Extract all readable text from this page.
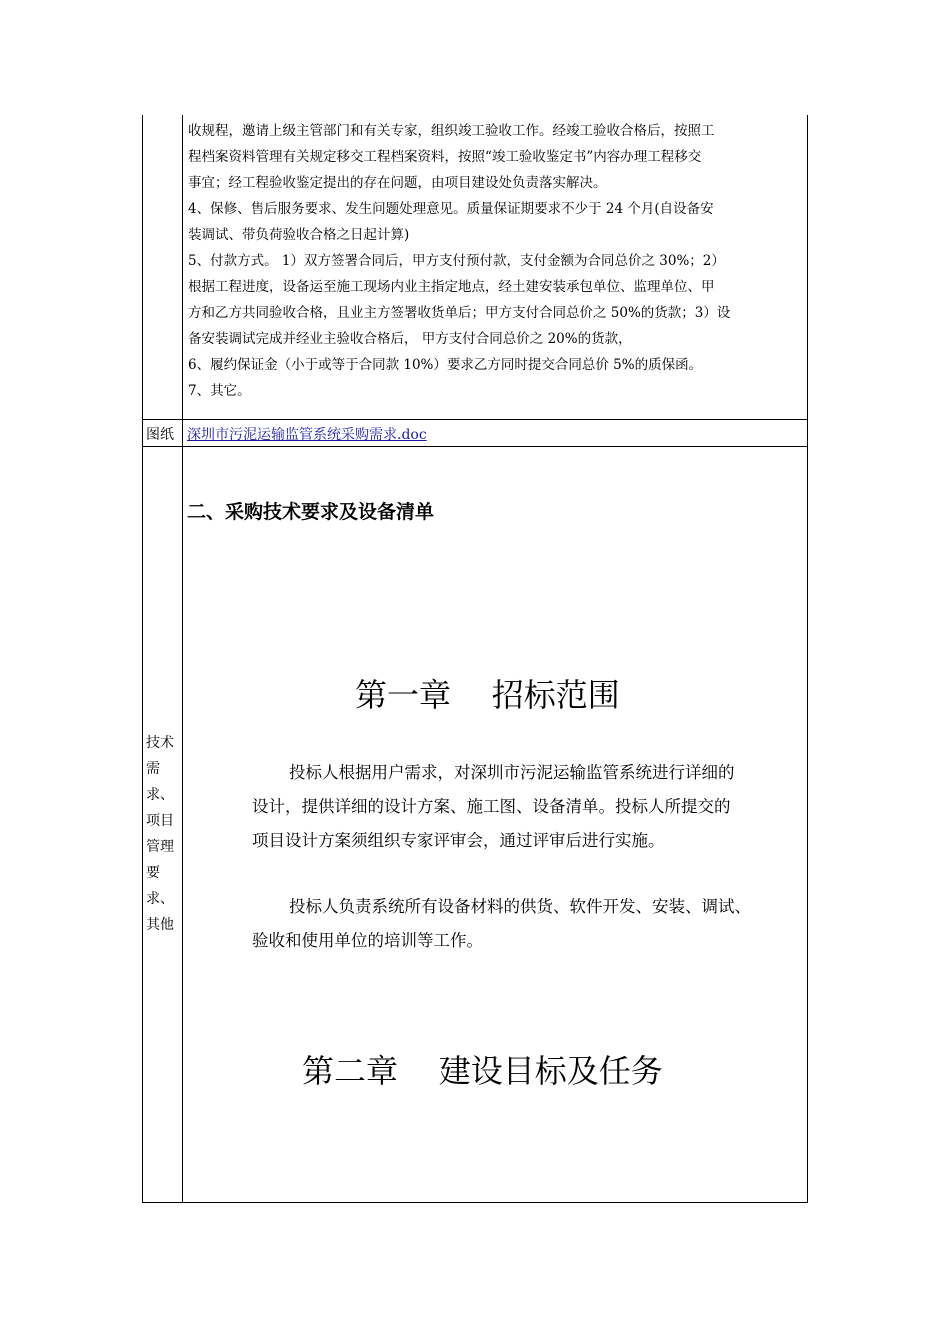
收规程，邀请上级主管部门和有关专家，组织竣工验收工作。经竣工验收合格后，按照工
程档案资料管理有关规定移交工程档案资料，按照“竣工验收鉴定书”内容办理工程移交
事宜；经工程验收鉴定提出的存在问题，由项目建设处负责落实解决。
4、保修、售后服务要求、发生问题处理意见。质量保证期要求不少于 24 个月(自设备安
装调试、带负荷验收合格之日起计算)
5、付款方式。 1）双方签署合同后，甲方支付预付款，支付金额为合同总价之 30%；2）
根据工程进度，设备运至施工现场内业主指定地点，经土建安装承包单位、监理单位、甲
方和乙方共同验收合格，且业主方签署收货单后；甲方支付合同总价之 50%的货款；3）设
备安装调试完成并经业主验收合格后， 甲方支付合同总价之 20%的货款，
6、履约保证金（小于或等于合同款 10%）要求乙方同时提交合同总价 5%的质保函。
7、其它。
图纸 深圳市污泥运输监管系统采购需求.doc
技术
需
求、
项目
管理
要
求、
其他
二、采购技术要求及设备清单
第一章    招标范围
投标人根据用户需求，对深圳市污泥运输监管系统进行详细的
设计，提供详细的设计方案、施工图、设备清单。投标人所提交的
项目设计方案须组织专家评审会，通过评审后进行实施。
投标人负责系统所有设备材料的供货、软件开发、安装、调试、
验收和使用单位的培训等工作。
第二章    建设目标及任务
